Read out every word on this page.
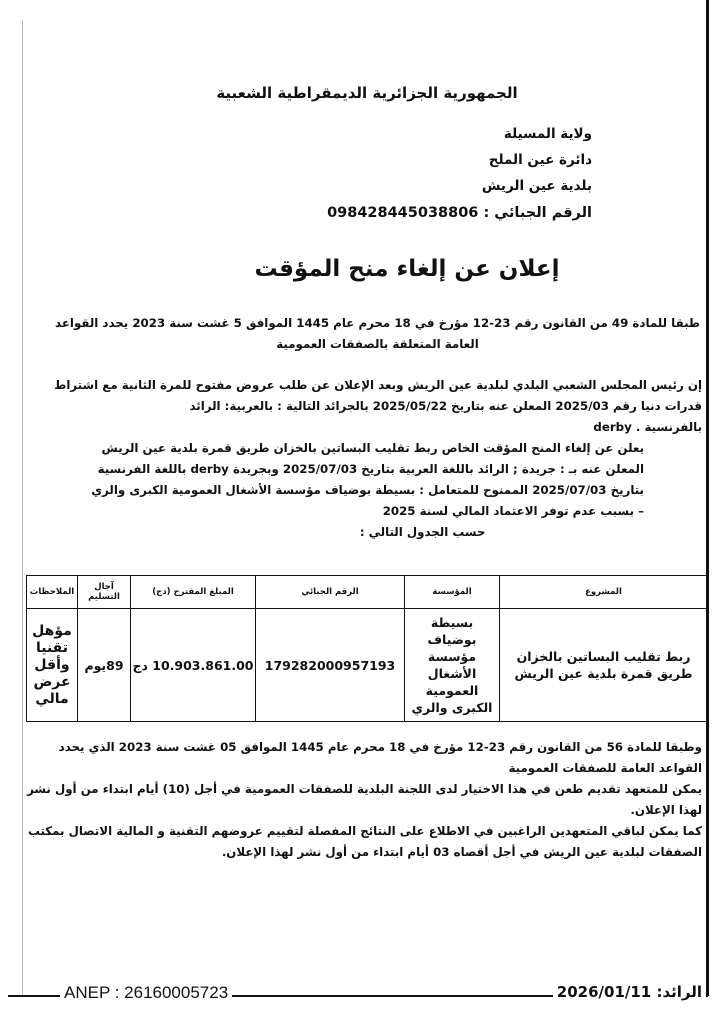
الجمهورية الجزائرية الديمقراطية الشعبية
ولاية المسيلة
دائرة عين الملح
بلدية عين الريش
الرقم الجبائي : 098428445038806
إعلان عن إلغاء منح المؤقت
طبقا للمادة 49 من القانون رقم 23-12 مؤرخ في 18 محرم عام 1445 الموافق 5 غشت سنة 2023 يحدد القواعد
العامة المتعلقة بالصفقات العمومية
إن رئيس المجلس الشعبي البلدي لبلدية عين الريش وبعد الإعلان عن طلب عروض مفتوح للمرة الثانية مع اشتراط
قدرات دنيا رقم 2025/03 المعلن عنه بتاريخ 2025/05/22 بالجرائد التالية : بالعربية: الرائد
بالفرنسية . derby
يعلن عن إلغاء المنح المؤقت الخاص ربط تقليب البساتين بالخزان طريق قمرة بلدية عين الريش
المعلن عنه بـ : جريدة ; الرائد باللغة العربية بتاريخ 2025/07/03 وبجريدة derby باللغة الفرنسية
بتاريخ 2025/07/03 الممنوح للمتعامل : بسيطة بوضياف مؤسسة الأشغال العمومية الكبرى والري
– بسبب عدم توفر الاعتماد المالي لسنة 2025
حسب الجدول التالي :
المشروع	المؤسسة	الرقم الجبائي	المبلغ المقترح (دج)	آجال التسليم	الملاحظات
ربط تقليب البساتين بالخزان طريق قمرة بلدية عين الريش	بسيطة بوضياف مؤسسة الأشغال العمومية الكبرى والري	179282000957193	10.903.861.00 دج	89يوم	مؤهل تقنيا وأقل عرض مالي
وطبقا للمادة 56 من القانون رقم 23-12 مؤرخ في 18 محرم عام 1445 الموافق 05 غشت سنة 2023 الذي يحدد
القواعد العامة للصفقات العمومية
يمكن للمتعهد تقديم طعن في هذا الاختيار لدى اللجنة البلدية للصفقات العمومية في أجل (10) أيام ابتداء من أول نشر
لهذا الإعلان.
كما يمكن لباقي المتعهدين الراغبين في الاطلاع على النتائج المفصلة لتقييم عروضهم التقنية و المالية الاتصال بمكتب
الصفقات لبلدية عين الريش في أجل أقصاه 03 أيام ابتداء من أول نشر لهذا الإعلان.
ANEP : 26160005723	الرائد: 2026/01/11
